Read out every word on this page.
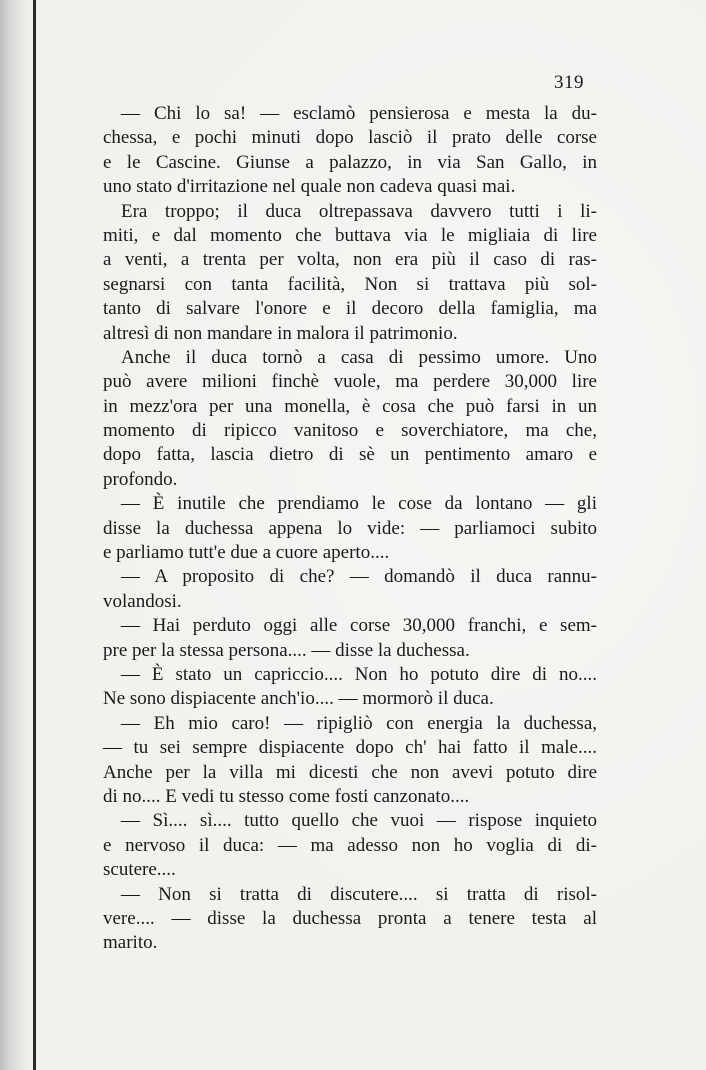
319
— Chi lo sa! — esclamò pensierosa e mesta la du-
chessa, e pochi minuti dopo lasciò il prato delle corse
e le Cascine. Giunse a palazzo, in via San Gallo, in
uno stato d'irritazione nel quale non cadeva quasi mai.
Era troppo; il duca oltrepassava davvero tutti i li-
miti, e dal momento che buttava via le migliaia di lire
a venti, a trenta per volta, non era più il caso di ras-
segnarsi con tanta facilità, Non si trattava più sol-
tanto di salvare l'onore e il decoro della famiglia, ma
altresì di non mandare in malora il patrimonio.
Anche il duca tornò a casa di pessimo umore. Uno
può avere milioni finchè vuole, ma perdere 30,000 lire
in mezz'ora per una monella, è cosa che può farsi in un
momento di ripicco vanitoso e soverchiatore, ma che,
dopo fatta, lascia dietro di sè un pentimento amaro e
profondo.
— È inutile che prendiamo le cose da lontano — gli
disse la duchessa appena lo vide: — parliamoci subito
e parliamo tutt'e due a cuore aperto....
— A proposito di che? — domandò il duca rannu-
volandosi.
— Hai perduto oggi alle corse 30,000 franchi, e sem-
pre per la stessa persona.... — disse la duchessa.
— È stato un capriccio.... Non ho potuto dire di no....
Ne sono dispiacente anch'io.... — mormorò il duca.
— Eh mio caro! — ripigliò con energia la duchessa,
— tu sei sempre dispiacente dopo ch' hai fatto il male....
Anche per la villa mi dicesti che non avevi potuto dire
di no.... E vedi tu stesso come fosti canzonato....
— Sì.... sì.... tutto quello che vuoi — rispose inquieto
e nervoso il duca: — ma adesso non ho voglia di di-
scutere....
— Non si tratta di discutere.... si tratta di risol-
vere.... — disse la duchessa pronta a tenere testa al
marito.
